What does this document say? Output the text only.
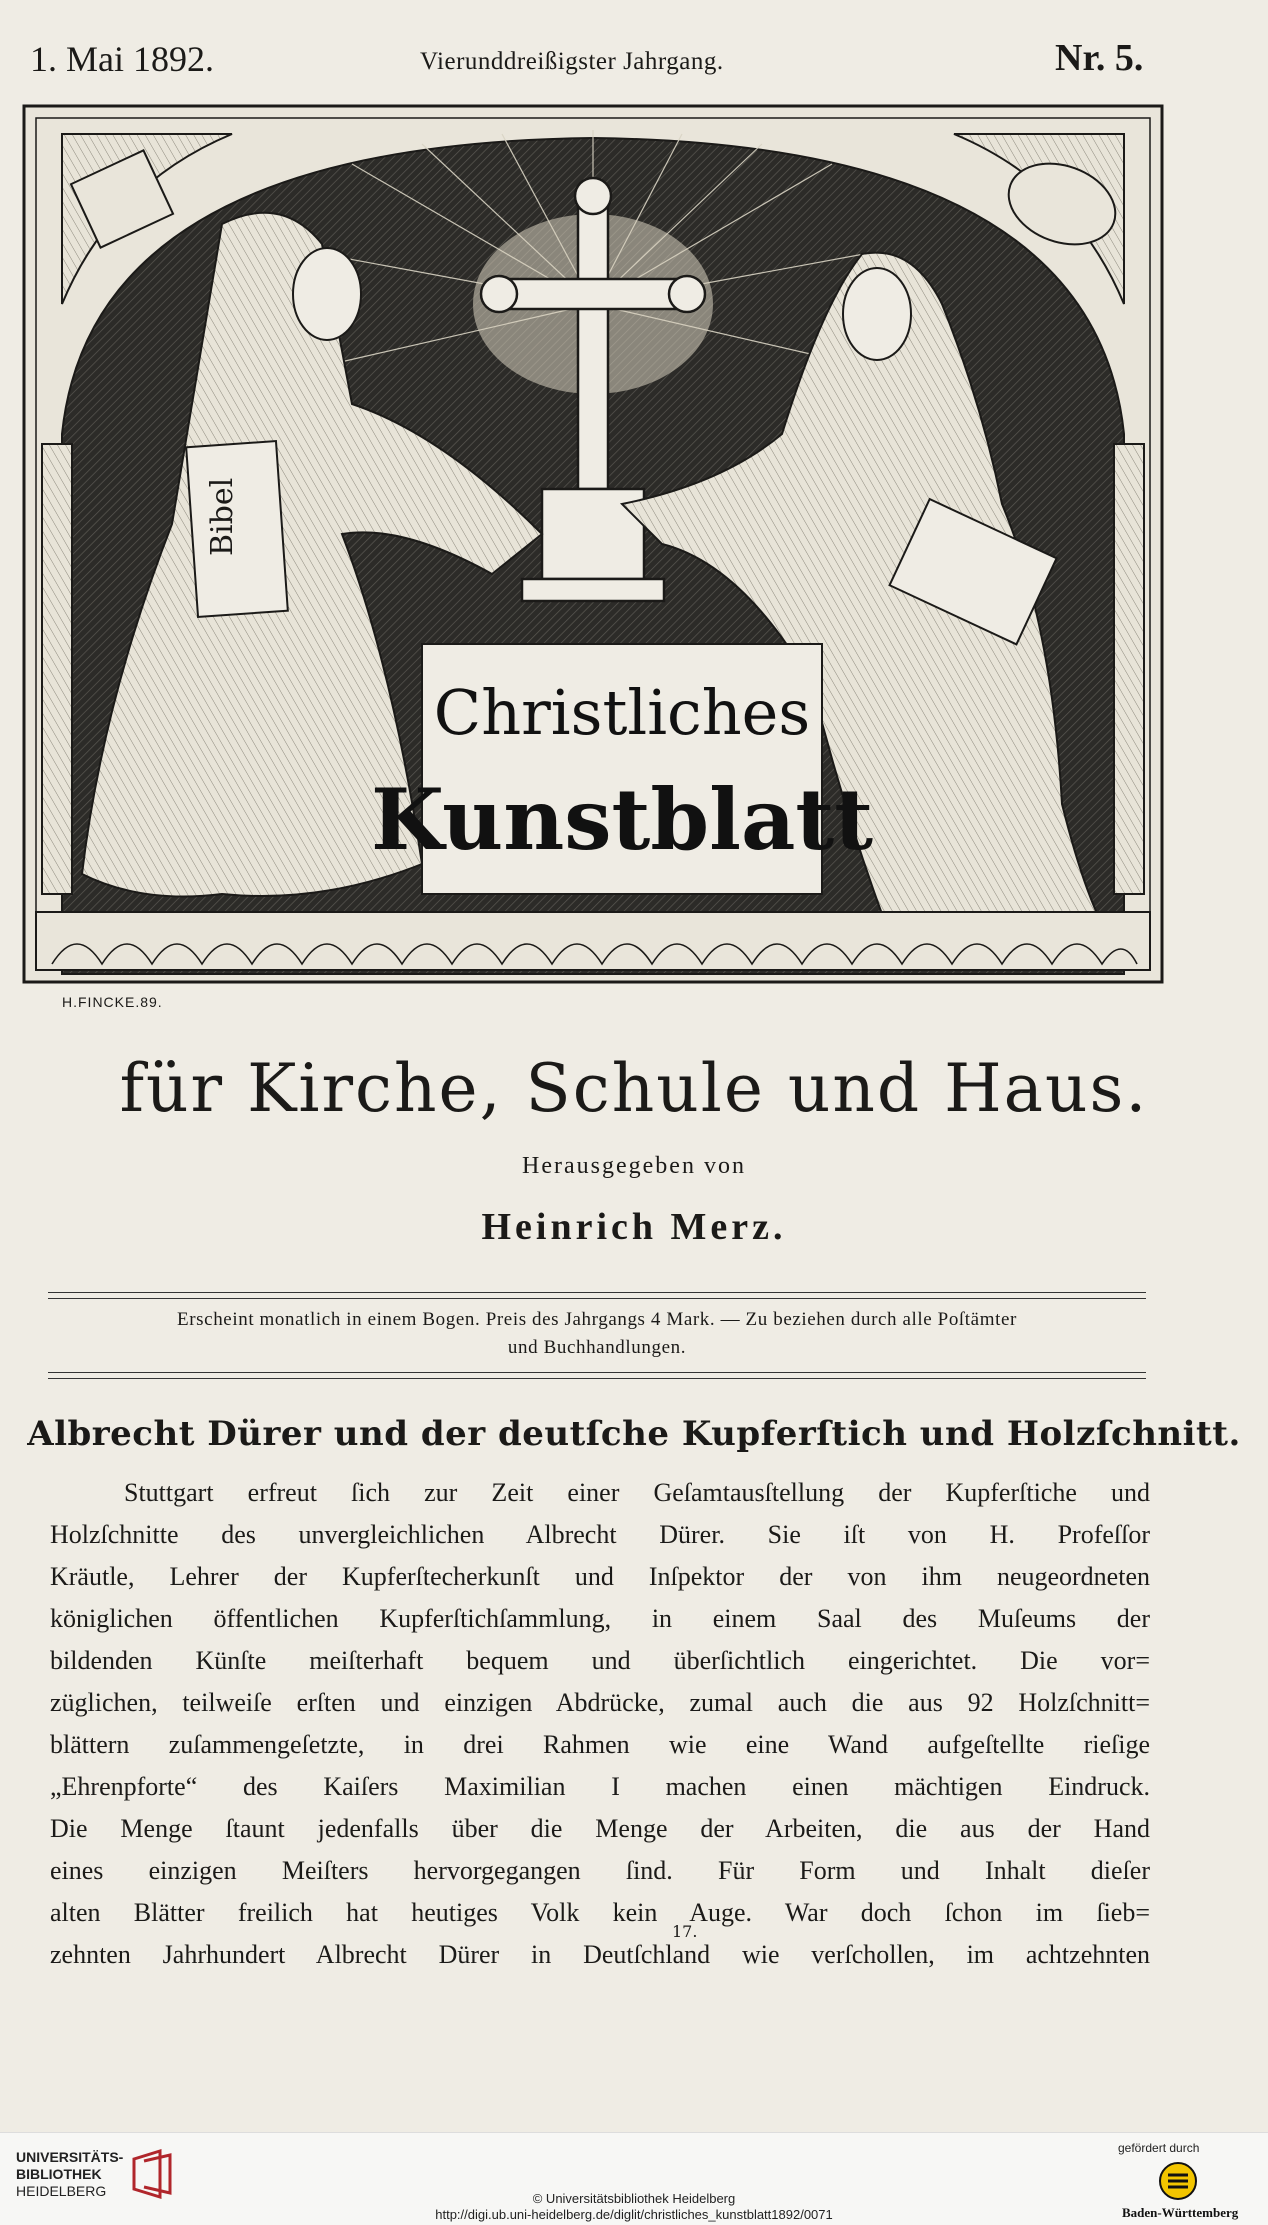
1. Mai 1892.	Vierunddreißigster Jahrgang.	Nr. 5.
Bibel
Christliches
Kunstblatt
H.FINCKE.89.
für Kirche, Schule und Haus.
Herausgegeben von
Heinrich Merz.
Erscheint monatlich in einem Bogen. Preis des Jahrgangs 4 Mark. — Zu beziehen durch alle Poſtämter
und Buchhandlungen.
Albrecht Dürer und der deutſche Kupferſtich und Holzſchnitt.
Stuttgart erfreut ſich zur Zeit einer Geſamtausſtellung der Kupferſtiche und
Holzſchnitte des unvergleichlichen Albrecht Dürer. Sie iſt von H. Profeſſor
Kräutle, Lehrer der Kupferſtecherkunſt und Inſpektor der von ihm neugeordneten
königlichen öffentlichen Kupferſtichſammlung, in einem Saal des Muſeums der
bildenden Künſte meiſterhaft bequem und überſichtlich eingerichtet. Die vor=
züglichen, teilweiſe erſten und einzigen Abdrücke, zumal auch die aus 92 Holzſchnitt=
blättern zuſammengeſetzte, in drei Rahmen wie eine Wand aufgeſtellte rieſige
„Ehrenpforte“ des Kaiſers Maximilian I machen einen mächtigen Eindruck.
Die Menge ſtaunt jedenfalls über die Menge der Arbeiten, die aus der Hand
eines einzigen Meiſters hervorgegangen ſind. Für Form und Inhalt dieſer
alten Blätter freilich hat heutiges Volk kein Auge. War doch ſchon im ſieb=
zehnten Jahrhundert Albrecht Dürer in Deutſchland wie verſchollen, im achtzehnten
17.
UNIVERSITÄTS-
BIBLIOTHEK
HEIDELBERG	© Universitätsbibliothek Heidelberg
http://digi.ub.uni-heidelberg.de/diglit/christliches_kunstblatt1892/0071
gefördert durch
Baden-Württemberg
